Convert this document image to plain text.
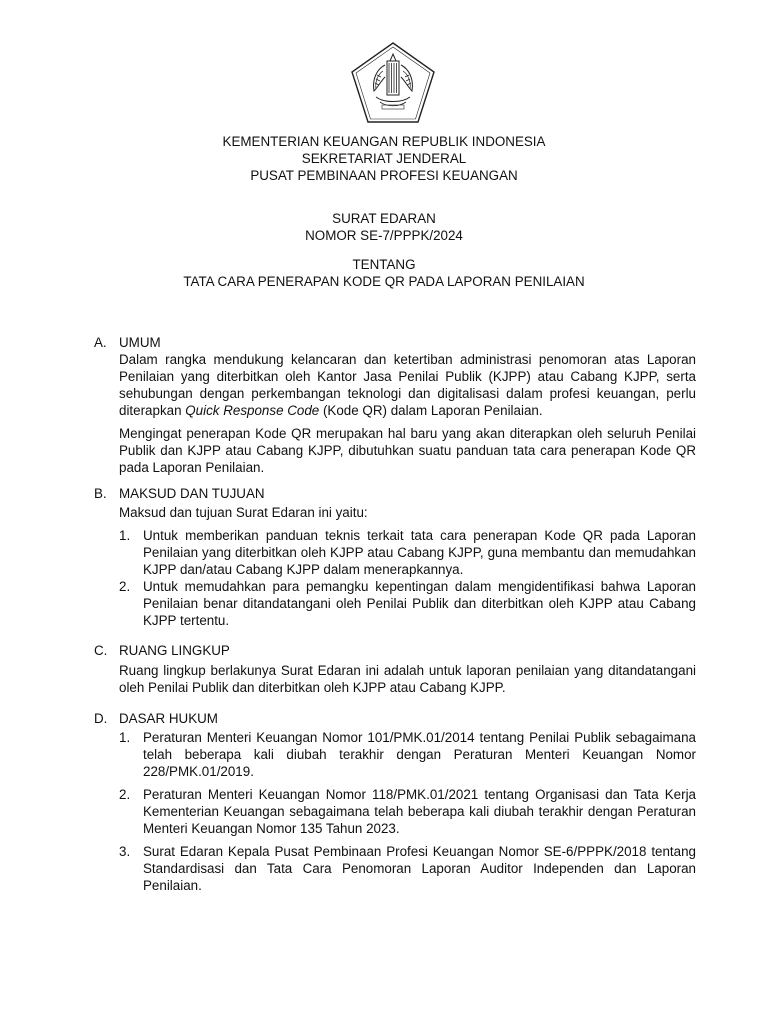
KEMENTERIAN KEUANGAN REPUBLIK INDONESIA
SEKRETARIAT JENDERAL
PUSAT PEMBINAAN PROFESI KEUANGAN
SURAT EDARAN
NOMOR SE-7/PPPK/2024
TENTANG
TATA CARA PENERAPAN KODE QR PADA LAPORAN PENILAIAN
A. UMUM
Dalam rangka mendukung kelancaran dan ketertiban administrasi penomoran atas Laporan Penilaian yang diterbitkan oleh Kantor Jasa Penilai Publik (KJPP) atau Cabang KJPP, serta sehubungan dengan perkembangan teknologi dan digitalisasi dalam profesi keuangan, perlu diterapkan Quick Response Code (Kode QR) dalam Laporan Penilaian.
Mengingat penerapan Kode QR merupakan hal baru yang akan diterapkan oleh seluruh Penilai Publik dan KJPP atau Cabang KJPP, dibutuhkan suatu panduan tata cara penerapan Kode QR pada Laporan Penilaian.
B. MAKSUD DAN TUJUAN
Maksud dan tujuan Surat Edaran ini yaitu:
1. Untuk memberikan panduan teknis terkait tata cara penerapan Kode QR pada Laporan Penilaian yang diterbitkan oleh KJPP atau Cabang KJPP, guna membantu dan memudahkan KJPP dan/atau Cabang KJPP dalam menerapkannya.
2. Untuk memudahkan para pemangku kepentingan dalam mengidentifikasi bahwa Laporan Penilaian benar ditandatangani oleh Penilai Publik dan diterbitkan oleh KJPP atau Cabang KJPP tertentu.
C. RUANG LINGKUP
Ruang lingkup berlakunya Surat Edaran ini adalah untuk laporan penilaian yang ditandatangani oleh Penilai Publik dan diterbitkan oleh KJPP atau Cabang KJPP.
D. DASAR HUKUM
1. Peraturan Menteri Keuangan Nomor 101/PMK.01/2014 tentang Penilai Publik sebagaimana telah beberapa kali diubah terakhir dengan Peraturan Menteri Keuangan Nomor 228/PMK.01/2019.
2. Peraturan Menteri Keuangan Nomor 118/PMK.01/2021 tentang Organisasi dan Tata Kerja Kementerian Keuangan sebagaimana telah beberapa kali diubah terakhir dengan Peraturan Menteri Keuangan Nomor 135 Tahun 2023.
3. Surat Edaran Kepala Pusat Pembinaan Profesi Keuangan Nomor SE-6/PPPK/2018 tentang Standardisasi dan Tata Cara Penomoran Laporan Auditor Independen dan Laporan Penilaian.
